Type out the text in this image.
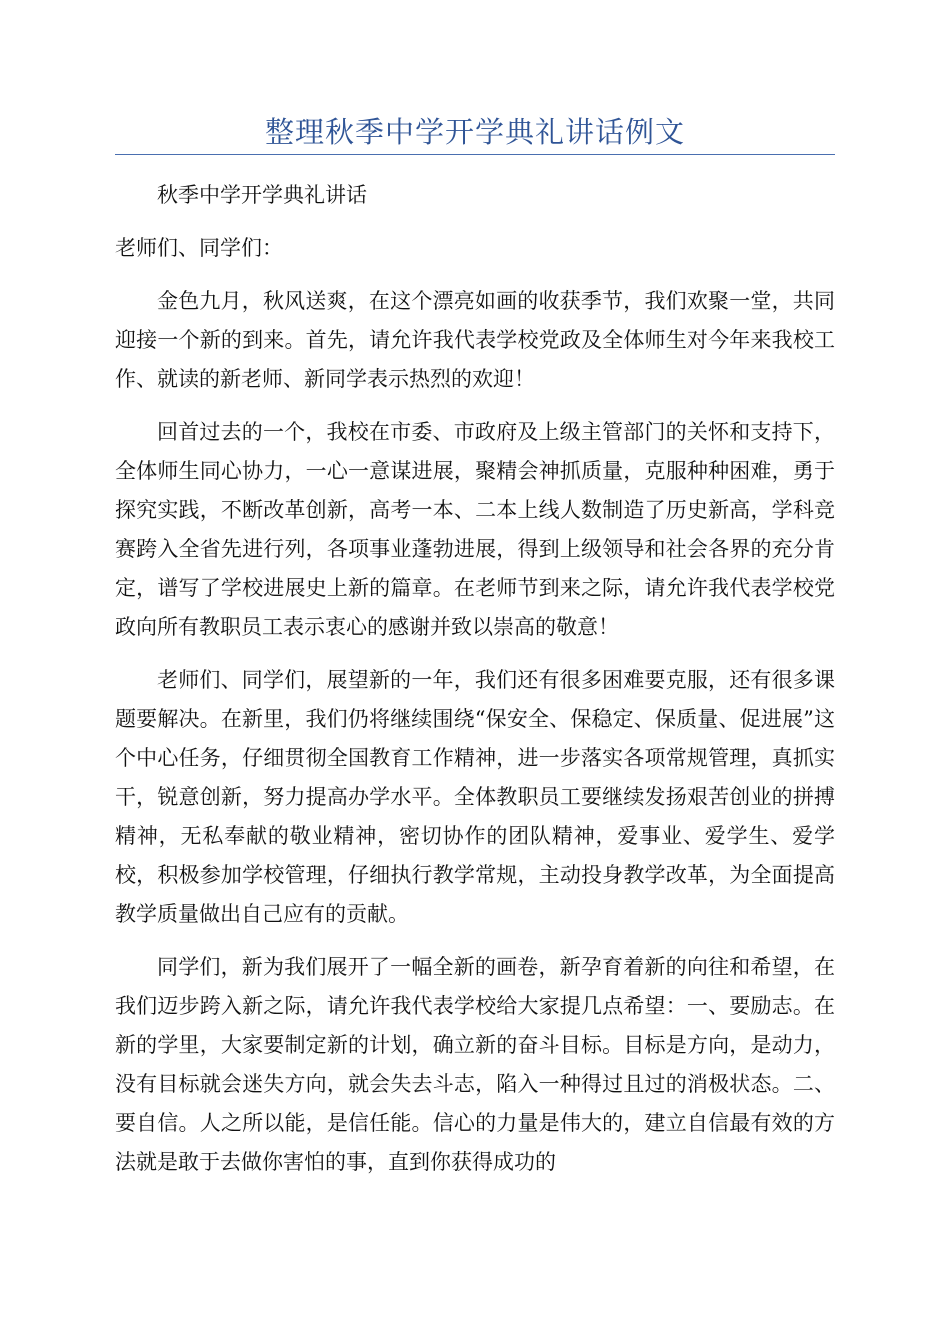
整理秋季中学开学典礼讲话例文

秋季中学开学典礼讲话

老师们、同学们：

金色九月，秋风送爽，在这个漂亮如画的收获季节，我们欢聚一堂，共同迎接一个新的到来。首先，请允许我代表学校党政及全体师生对今年来我校工作、就读的新老师、新同学表示热烈的欢迎！

回首过去的一个，我校在市委、市政府及上级主管部门的关怀和支持下，全体师生同心协力，一心一意谋进展，聚精会神抓质量，克服种种困难，勇于探究实践，不断改革创新，高考一本、二本上线人数制造了历史新高，学科竞赛跨入全省先进行列，各项事业蓬勃进展，得到上级领导和社会各界的充分肯定，谱写了学校进展史上新的篇章。在老师节到来之际，请允许我代表学校党政向所有教职员工表示衷心的感谢并致以崇高的敬意！

老师们、同学们，展望新的一年，我们还有很多困难要克服，还有很多课题要解决。在新里，我们仍将继续围绕“保安全、保稳定、保质量、促进展”这个中心任务，仔细贯彻全国教育工作精神，进一步落实各项常规管理，真抓实干，锐意创新，努力提高办学水平。全体教职员工要继续发扬艰苦创业的拼搏精神，无私奉献的敬业精神，密切协作的团队精神，爱事业、爱学生、爱学校，积极参加学校管理，仔细执行教学常规，主动投身教学改革，为全面提高教学质量做出自己应有的贡献。

同学们，新为我们展开了一幅全新的画卷，新孕育着新的向往和希望，在我们迈步跨入新之际，请允许我代表学校给大家提几点希望：一、要励志。在新的学里，大家要制定新的计划，确立新的奋斗目标。目标是方向，是动力，没有目标就会迷失方向，就会失去斗志，陷入一种得过且过的消极状态。二、要自信。人之所以能，是信任能。信心的力量是伟大的，建立自信最有效的方法就是敢于去做你害怕的事，直到你获得成功的
